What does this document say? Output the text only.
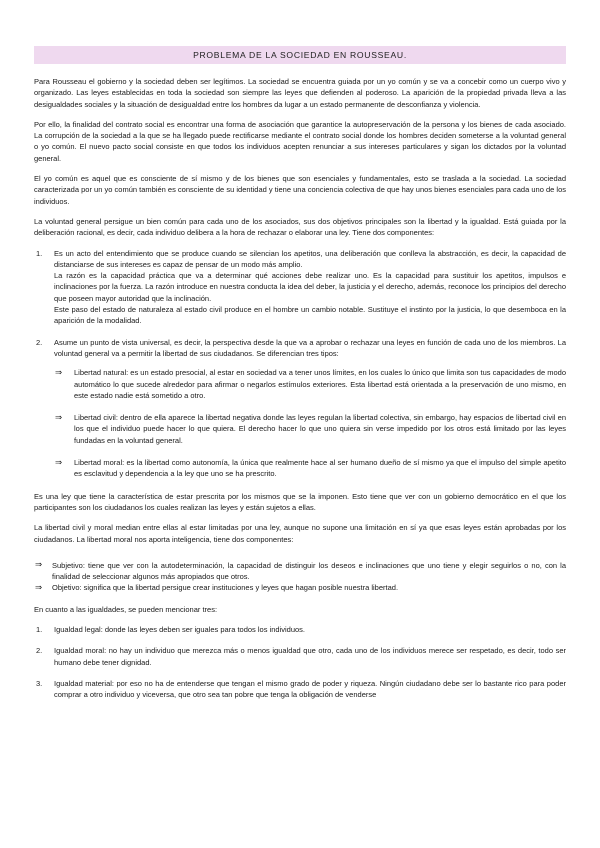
PROBLEMA DE LA SOCIEDAD EN ROUSSEAU.

Para Rousseau el gobierno y la sociedad deben ser legítimos. La sociedad se encuentra guiada por un yo común y se va a concebir como un cuerpo vivo y organizado. Las leyes establecidas en toda la sociedad son siempre las leyes que defienden al poderoso. La aparición de la propiedad privada lleva a las desigualdades sociales y la situación de desigualdad entre los hombres da lugar a un estado permanente de desconfianza y violencia.

Por ello, la finalidad del contrato social es encontrar una forma de asociación que garantice la autopreservación de la persona y los bienes de cada asociado. La corrupción de la sociedad a la que se ha llegado puede rectificarse mediante el contrato social donde los hombres deciden someterse a la voluntad general o yo común. El nuevo pacto social consiste en que todos los individuos acepten renunciar a sus intereses particulares y sigan los dictados por la voluntad general.

El yo común es aquel que es consciente de sí mismo y de los bienes que son esenciales y fundamentales, esto se traslada a la sociedad. La sociedad caracterizada por un yo común también es consciente de su identidad y tiene una conciencia colectiva de que hay unos bienes esenciales para cada uno de los individuos.

La voluntad general persigue un bien común para cada uno de los asociados, sus dos objetivos principales son la libertad y la igualdad. Está guiada por la deliberación racional, es decir, cada individuo delibera a la hora de rechazar o elaborar una ley. Tiene dos componentes:

1. Es un acto del entendimiento que se produce cuando se silencian los apetitos, una deliberación que conlleva la abstracción, es decir, la capacidad de distanciarse de sus intereses es capaz de pensar de un modo más amplio.

La razón es la capacidad práctica que va a determinar qué acciones debe realizar uno. Es la capacidad para sustituir los apetitos, impulsos e inclinaciones por la fuerza. La razón introduce en nuestra conducta la idea del deber, la justicia y el derecho, además, reconoce los principios del derecho que poseen mayor autoridad que la inclinación.

Este paso del estado de naturaleza al estado civil produce en el hombre un cambio notable. Sustituye el instinto por la justicia, lo que desemboca en la aparición de la modalidad.

2. Asume un punto de vista universal, es decir, la perspectiva desde la que va a aprobar o rechazar una leyes en función de cada uno de los miembros. La voluntad general va a permitir la libertad de sus ciudadanos. Se diferencian tres tipos:

⇒ Libertad natural: es un estado presocial, al estar en sociedad va a tener unos límites, en los cuales lo único que limita son tus capacidades de modo automático lo que sucede alrededor para afirmar o negarlos estímulos exteriores. Esta libertad está orientada a la preservación de uno mismo, en este estado nadie está sometido a otro.
⇒ Libertad civil: dentro de ella aparece la libertad negativa donde las leyes regulan la libertad colectiva, sin embargo, hay espacios de libertad civil en los que el individuo puede hacer lo que quiera. El derecho hacer lo que uno quiera sin verse impedido por los otros está limitado por las leyes fundadas en la voluntad general.
⇒ Libertad moral: es la libertad como autonomía, la única que realmente hace al ser humano dueño de sí mismo ya que el impulso del simple apetito es esclavitud y dependencia a la ley que uno se ha prescrito.

Es una ley que tiene la característica de estar prescrita por los mismos que se la imponen. Esto tiene que ver con un gobierno democrático en el que los participantes son los ciudadanos los cuales realizan las leyes y están sujetos a ellas.

La libertad civil y moral median entre ellas al estar limitadas por una ley, aunque no supone una limitación en sí ya que esas leyes están aprobadas por los ciudadanos. La libertad moral nos aporta inteligencia, tiene dos componentes:

⇒ Subjetivo: tiene que ver con la autodeterminación, la capacidad de distinguir los deseos e inclinaciones que uno tiene y elegir seguirlos o no, con la finalidad de seleccionar algunos más apropiados que otros.
⇒ Objetivo: significa que la libertad persigue crear instituciones y leyes que hagan posible nuestra libertad.

En cuanto a las igualdades, se pueden mencionar tres:

1. Igualdad legal: donde las leyes deben ser iguales para todos los individuos.
2. Igualdad moral: no hay un individuo que merezca más o menos igualdad que otro, cada uno de los individuos merece ser respetado, es decir, todo ser humano debe tener dignidad.
3. Igualdad material: por eso no ha de entenderse que tengan el mismo grado de poder y riqueza. Ningún ciudadano debe ser lo bastante rico para poder comprar a otro individuo y viceversa, que otro sea tan pobre que tenga la obligación de venderse
